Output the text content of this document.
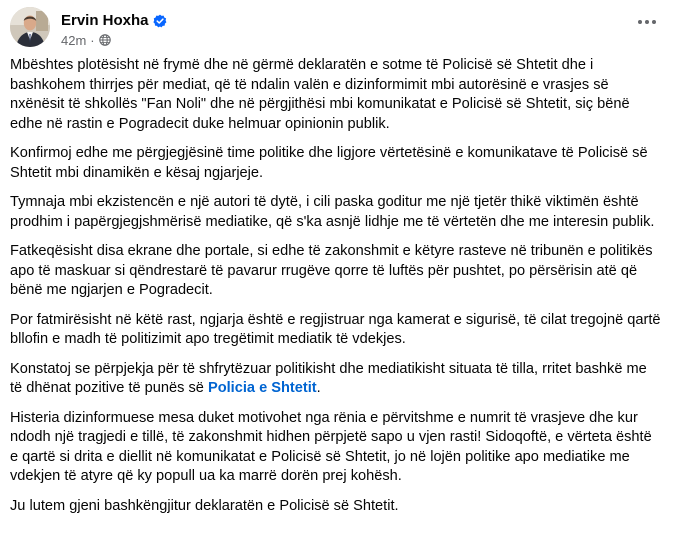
Ervin Hoxha
42m ·

Mbështes plotësisht në frymë dhe në gërmë deklaratën e sotme të Policisë së Shtetit dhe i bashkohem thirrjes për mediat, që të ndalin valën e dizinformimit mbi autorësinë e vrasjes së nxënësit të shkollës "Fan Noli" dhe në përgjithësi mbi komunikatat e Policisë së Shtetit, siç bënë edhe në rastin e Pogradecit duke helmuar opinionin publik.

Konfirmoj edhe me përgjegjësinë time politike dhe ligjore vërtetësinë e komunikatave të Policisë së Shtetit mbi dinamikën e kësaj ngjarjeje.

Tymnaja mbi ekzistencën e një autori të dytë, i cili paska goditur me një tjetër thikë viktimën është prodhim i papërgjegjshmërisë mediatike, që s'ka asnjë lidhje me të vërtetën dhe me interesin publik.

Fatkeqësisht disa ekrane dhe portale, si edhe të zakonshmit e këtyre rasteve në tribunën e politikës apo të maskuar si qëndrestarë të pavarur rrugëve qorre të luftës për pushtet, po përsërisin atë që bënë me ngjarjen e Pogradecit.

Por fatmirësisht në këtë rast, ngjarja është e regjistruar nga kamerat e sigurisë, të cilat tregojnë qartë bllofin e madh të politizimit apo tregëtimit mediatik të vdekjes.

Konstatoj se përpjekja për të shfrytëzuar politikisht dhe mediatikisht situata të tilla, rritet bashkë me të dhënat pozitive të punës së Policia e Shtetit.

Histeria dizinformuese mesa duket motivohet nga rënia e përvitshme e numrit të vrasjeve dhe kur ndodh një tragjedi e tillë, të zakonshmit hidhen përpjetë sapo u vjen rasti! Sidoqoftë, e vërteta është e qartë si drita e diellit në komunikatat e Policisë së Shtetit, jo në lojën politike apo mediatike me vdekjen të atyre që ky popull ua ka marrë dorën prej kohësh.

Ju lutem gjeni bashkëngjitur deklaratën e Policisë së Shtetit.
